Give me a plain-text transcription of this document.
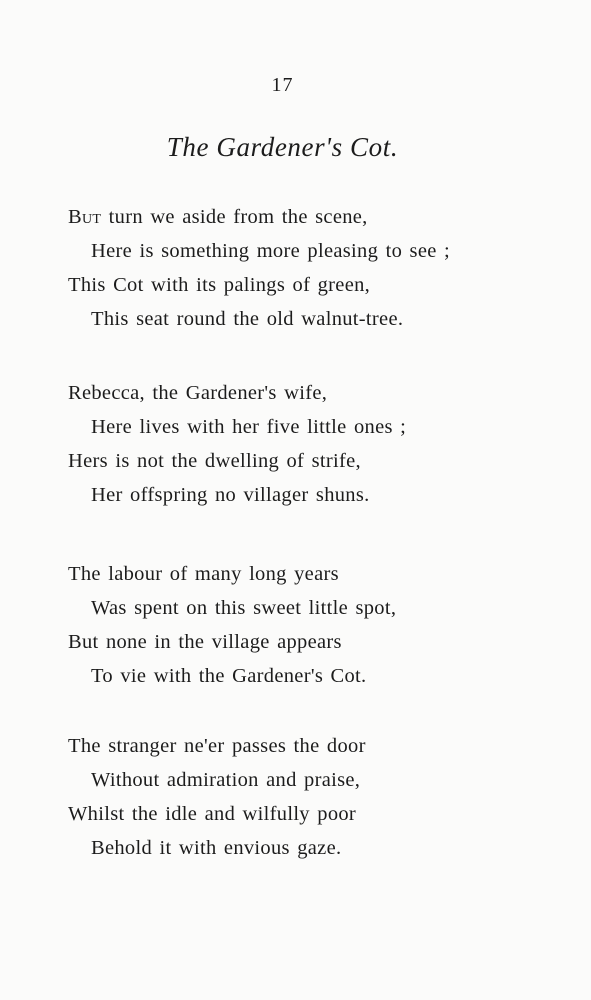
17
The Gardener's Cot.
But turn we aside from the scene,
Here is something more pleasing to see ;
This Cot with its palings of green,
This seat round the old walnut-tree.
Rebecca, the Gardener's wife,
Here lives with her five little ones ;
Hers is not the dwelling of strife,
Her offspring no villager shuns.
The labour of many long years
Was spent on this sweet little spot,
But none in the village appears
To vie with the Gardener's Cot.
The stranger ne'er passes the door
Without admiration and praise,
Whilst the idle and wilfully poor
Behold it with envious gaze.
